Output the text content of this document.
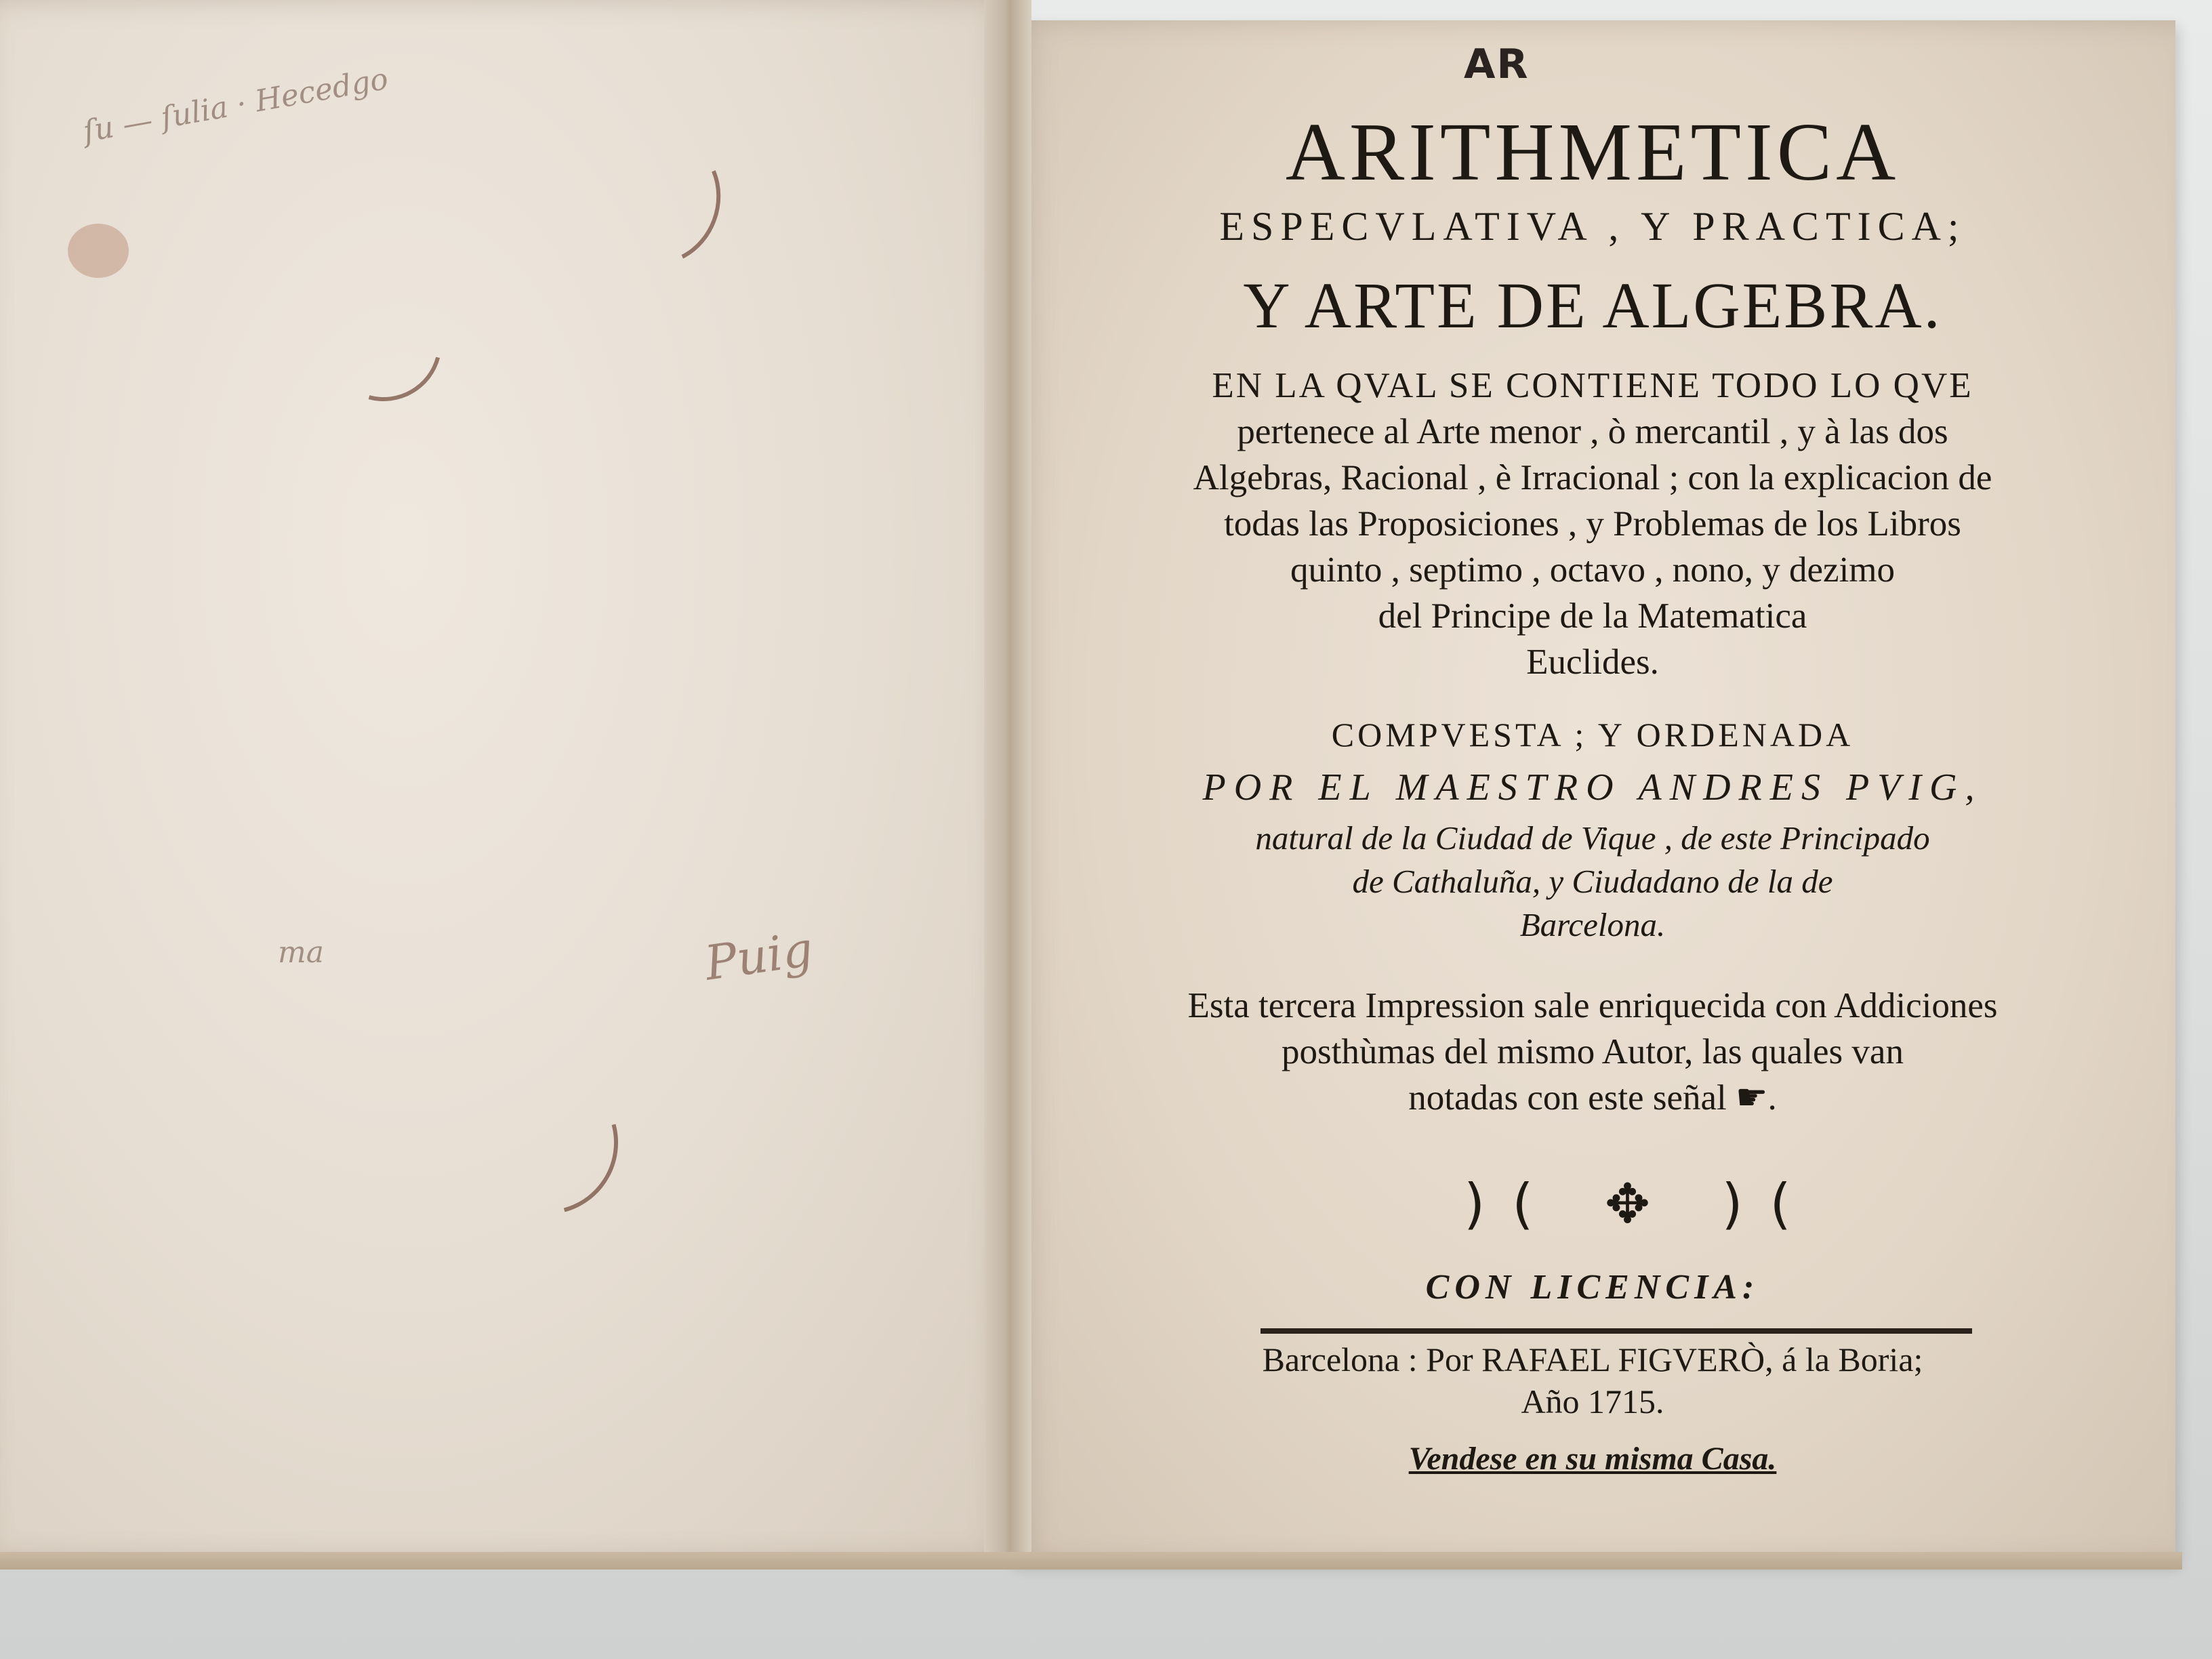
ſu — ſulia · Hecedgo
Puig
ma
AR
ARITHMETICA
ESPECVLATIVA , Y PRACTICA;
Y ARTE DE ALGEBRA.
EN LA QVAL SE CONTIENE TODO LO QVE
pertenece al Arte menor , ò mercantil , y à las dos
Algebras, Racional , è Irracional ; con la explicacion de
todas las Proposiciones , y Problemas de los Libros
quinto , septimo , octavo , nono, y dezimo
del Principe de la Matematica
Euclides.
COMPVESTA ; Y ORDENADA
POR EL MAESTRO ANDRES PVIG,
natural de la Ciudad de Vique , de este Principado
de Cathaluña, y Ciudadano de la de
Barcelona.
Esta tercera Impression sale enriquecida con Addiciones
posthùmas del mismo Autor, las quales van
notadas con este señal ☛.
)( ✥ )(
CON LICENCIA:
Barcelona : Por RAFAEL FIGVERÒ, á la Boria;
Año 1715.
Vendese en su misma Casa.
